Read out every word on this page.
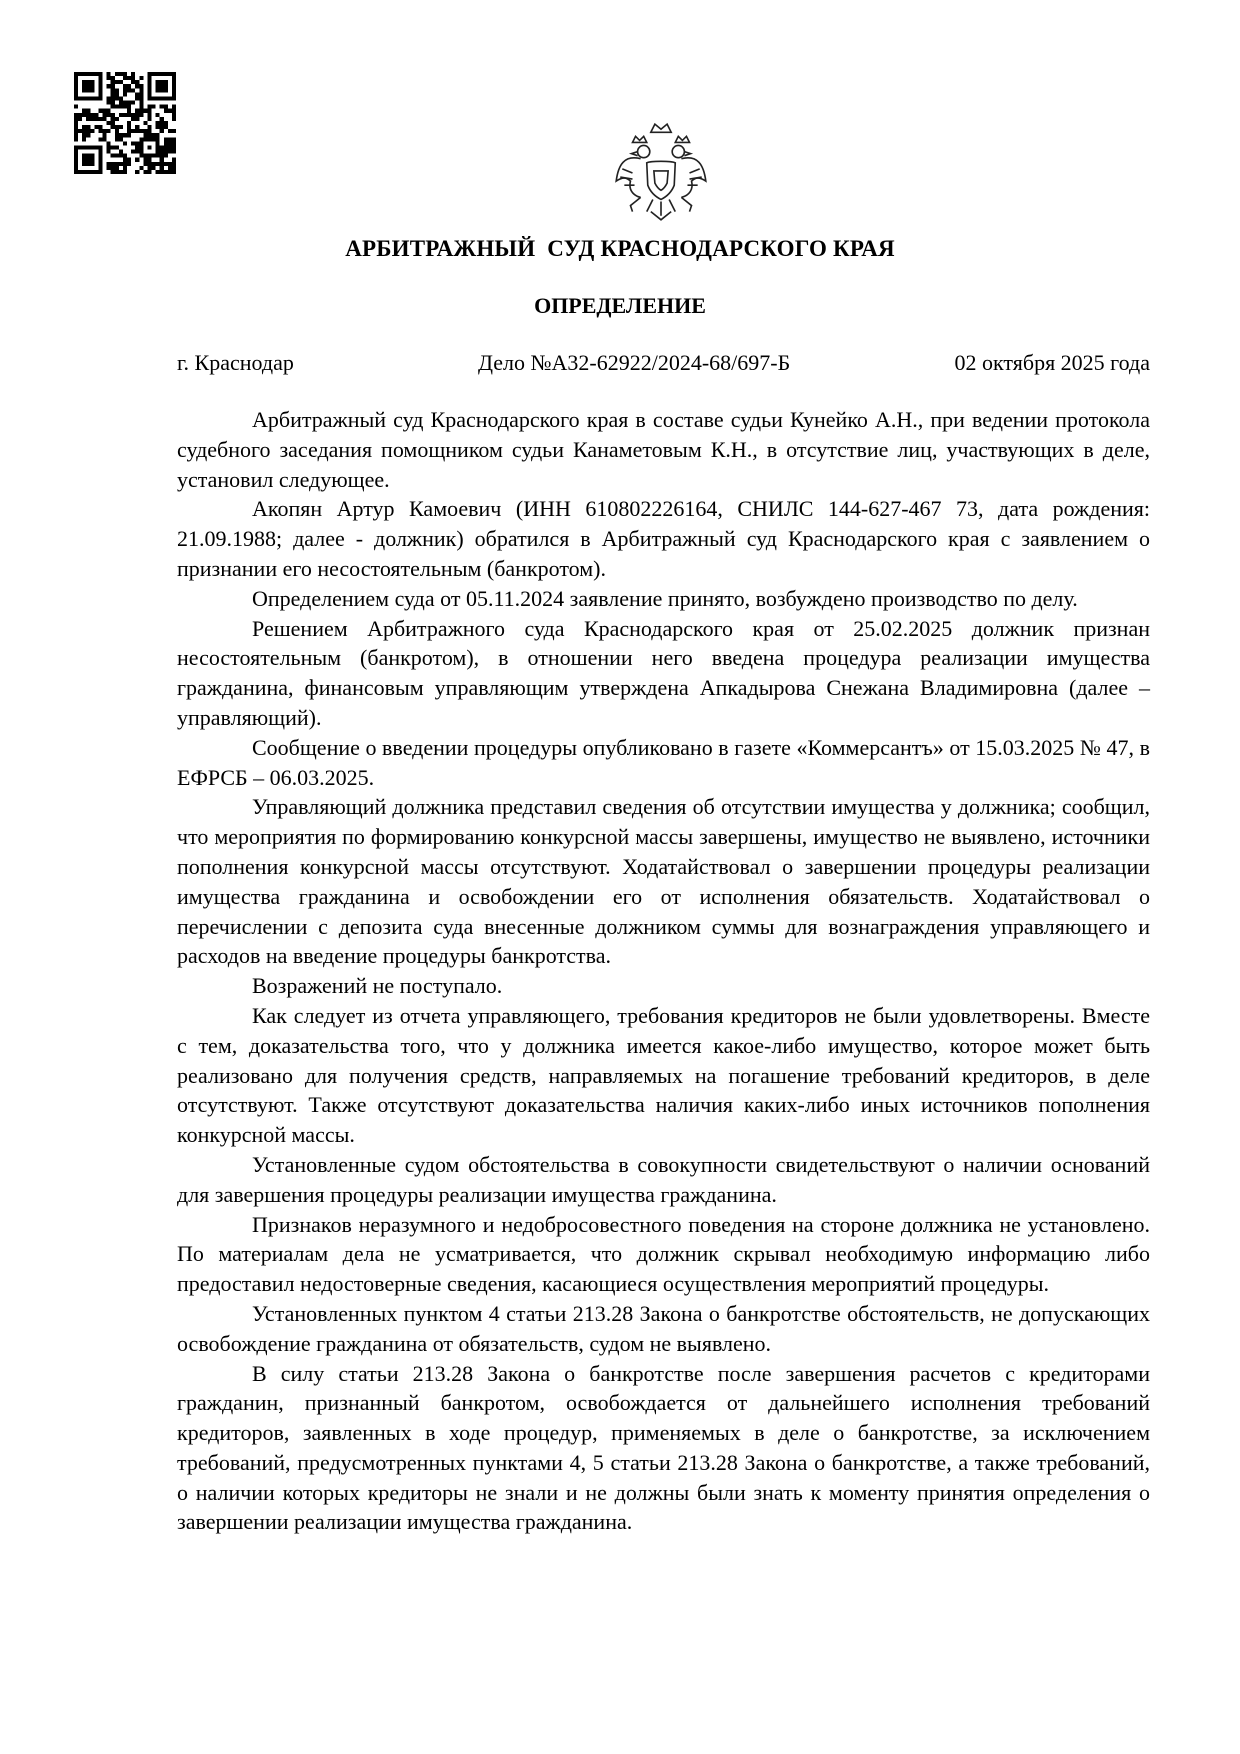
АРБИТРАЖНЫЙ  СУД КРАСНОДАРСКОГО КРАЯ
ОПРЕДЕЛЕНИЕ
г. Краснодар	Дело №А32-62922/2024-68/697-Б	02 октября 2025 года

Арбитражный суд Краснодарского края в составе судьи Кунейко А.Н., при ведении протокола судебного заседания помощником судьи Канаметовым К.Н., в отсутствие лиц, участвующих в деле, установил следующее.

Акопян Артур Камоевич (ИНН 610802226164, СНИЛС 144-627-467 73, дата рождения: 21.09.1988; далее - должник) обратился в Арбитражный суд Краснодарского края с заявлением о признании его несостоятельным (банкротом).

Определением суда от 05.11.2024 заявление принято, возбуждено производство по делу.

Решением Арбитражного суда Краснодарского края от 25.02.2025 должник признан несостоятельным (банкротом), в отношении него введена процедура реализации имущества гражданина, финансовым управляющим утверждена Апкадырова Снежана Владимировна (далее – управляющий).

Сообщение о введении процедуры опубликовано в газете «Коммерсантъ» от 15.03.2025 № 47, в ЕФРСБ – 06.03.2025.

Управляющий должника представил сведения об отсутствии имущества у должника; сообщил, что мероприятия по формированию конкурсной массы завершены, имущество не выявлено, источники пополнения конкурсной массы отсутствуют. Ходатайствовал о завершении процедуры реализации имущества гражданина и освобождении его от исполнения обязательств. Ходатайствовал о перечислении с депозита суда внесенные должником суммы для вознаграждения управляющего и расходов на введение процедуры банкротства.

Возражений не поступало.

Как следует из отчета управляющего, требования кредиторов не были удовлетворены. Вместе с тем, доказательства того, что у должника имеется какое-либо имущество, которое может быть реализовано для получения средств, направляемых на погашение требований кредиторов, в деле отсутствуют. Также отсутствуют доказательства наличия каких-либо иных источников пополнения конкурсной массы.

Установленные судом обстоятельства в совокупности свидетельствуют о наличии оснований для завершения процедуры реализации имущества гражданина.

Признаков неразумного и недобросовестного поведения на стороне должника не установлено. По материалам дела не усматривается, что должник скрывал необходимую информацию либо предоставил недостоверные сведения, касающиеся осуществления мероприятий процедуры.

Установленных пунктом 4 статьи 213.28 Закона о банкротстве обстоятельств, не допускающих освобождение гражданина от обязательств, судом не выявлено.

В силу статьи 213.28 Закона о банкротстве после завершения расчетов с кредиторами гражданин, признанный банкротом, освобождается от дальнейшего исполнения требований кредиторов, заявленных в ходе процедур, применяемых в деле о банкротстве, за исключением требований, предусмотренных пунктами 4, 5 статьи 213.28 Закона о банкротстве, а также требований, о наличии которых кредиторы не знали и не должны были знать к моменту принятия определения о завершении реализации имущества гражданина.
